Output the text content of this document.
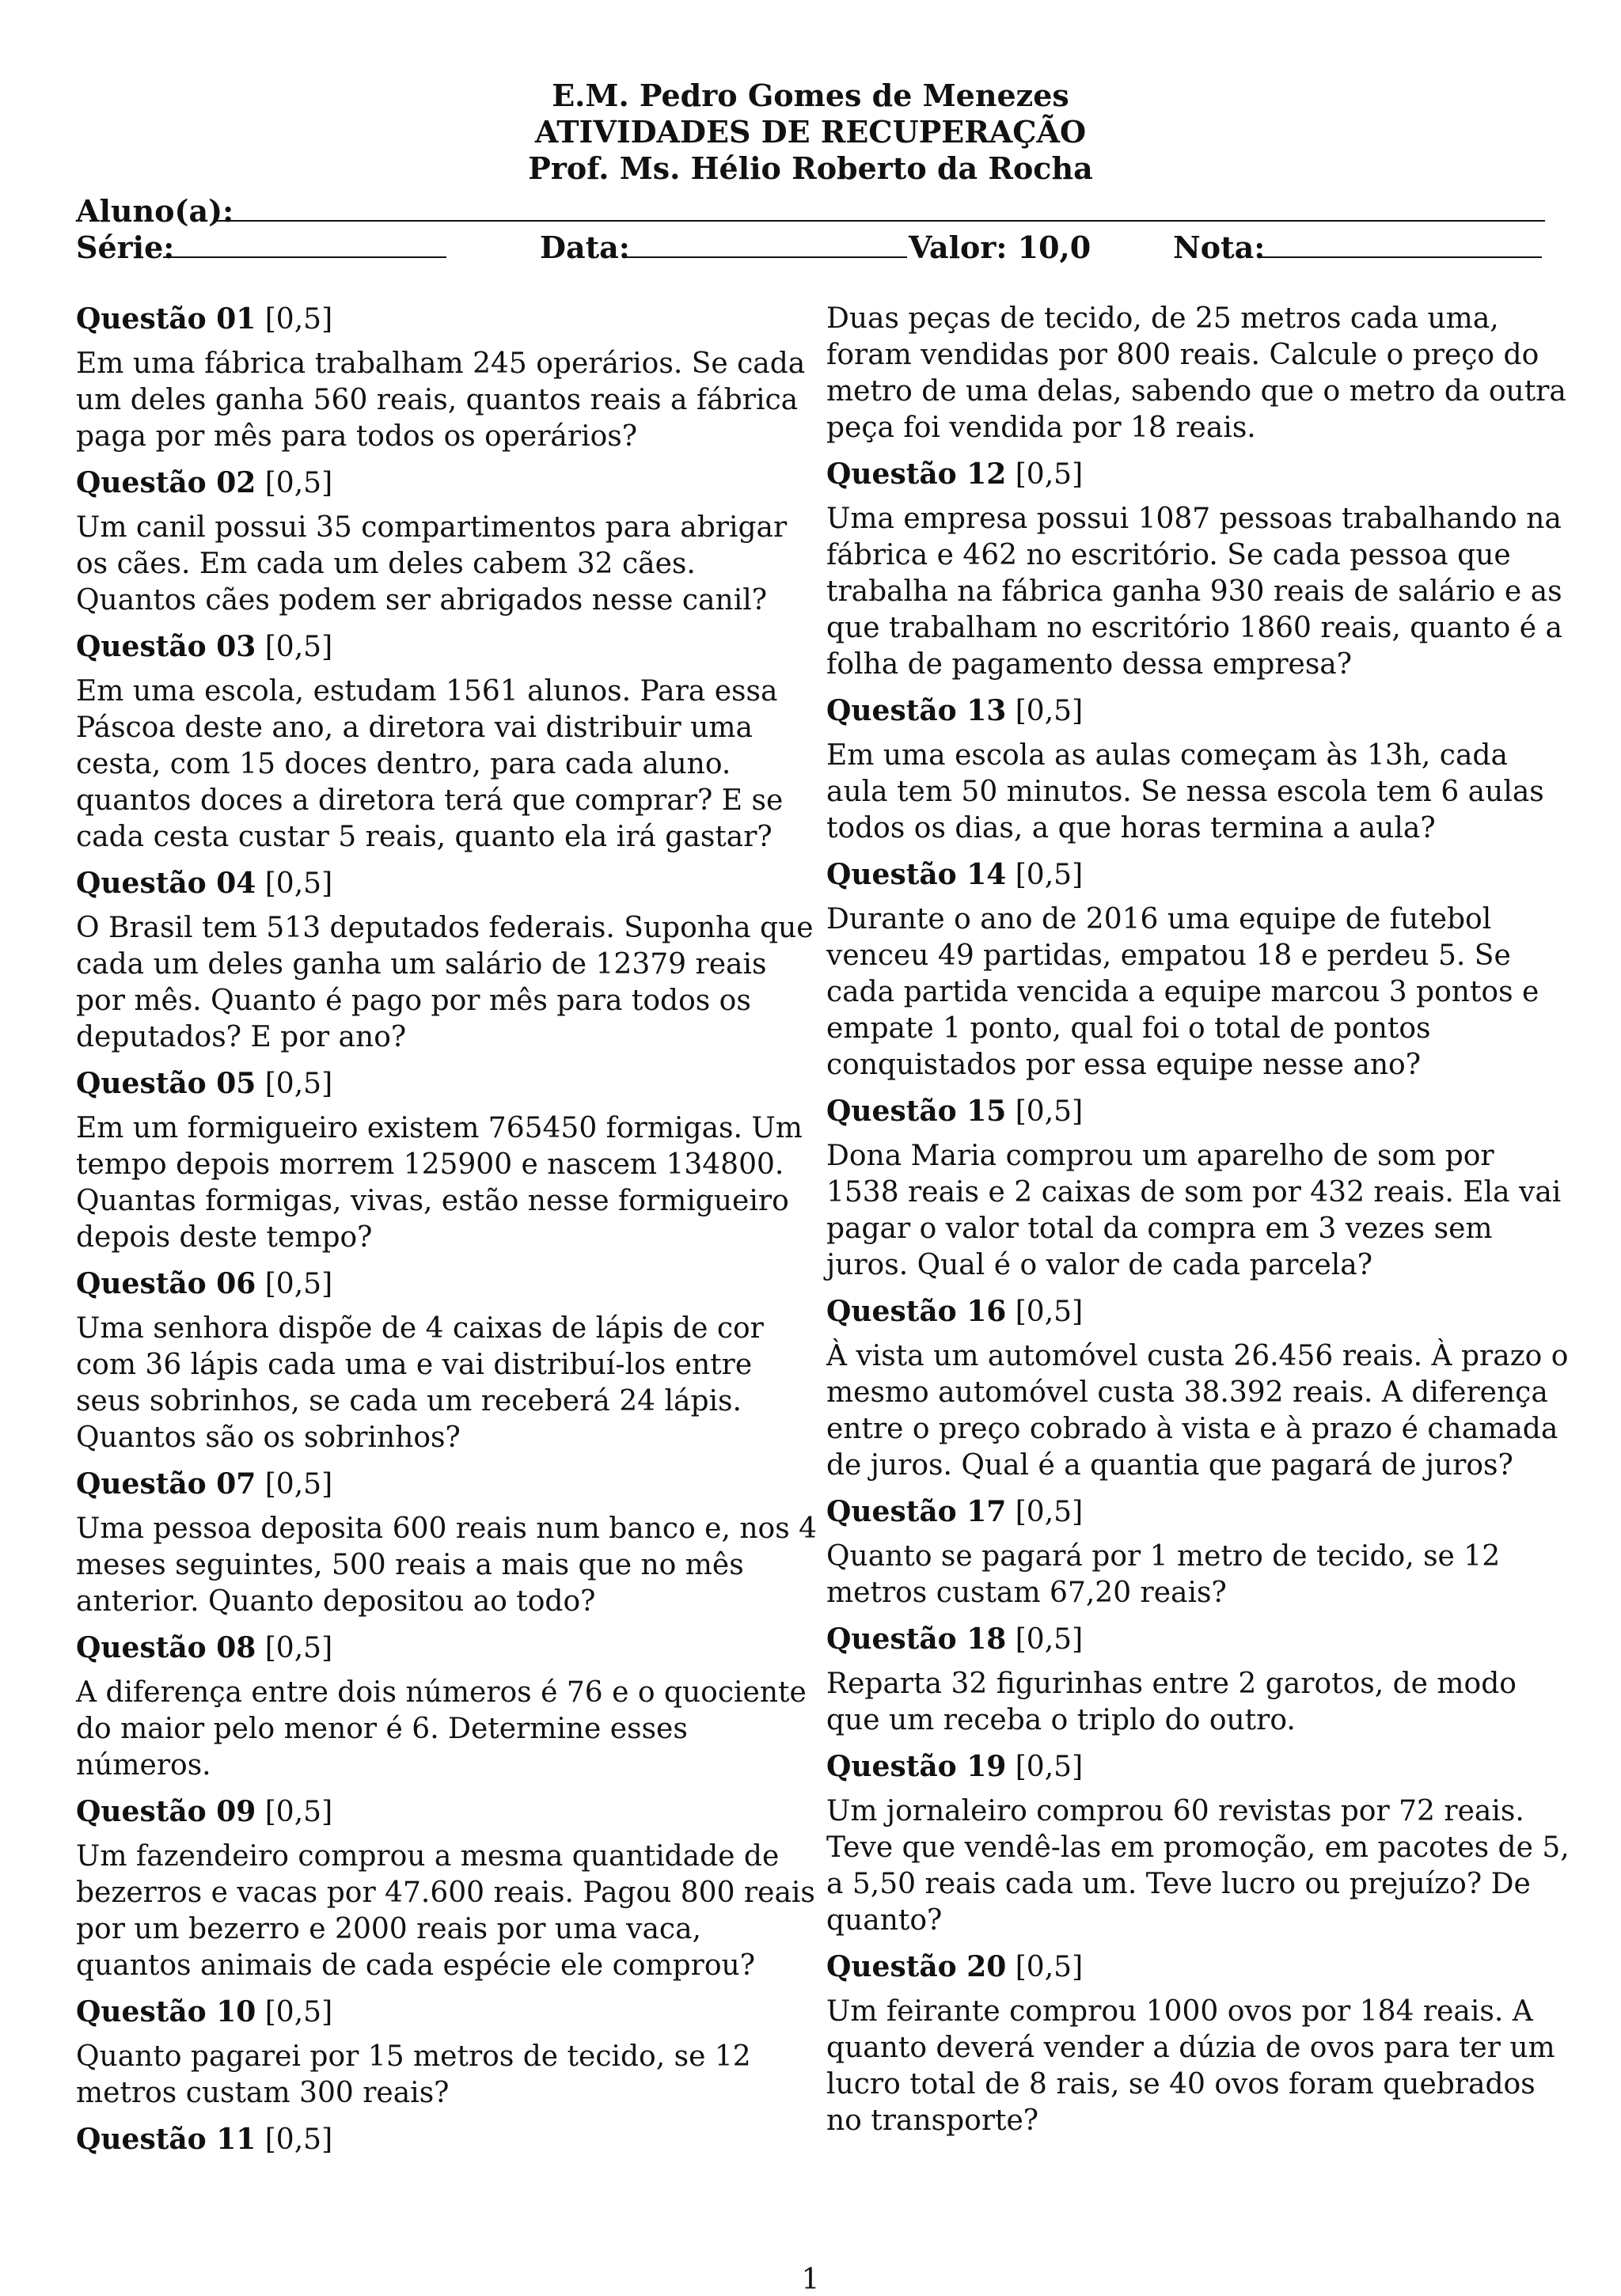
E.M. Pedro Gomes de Menezes
ATIVIDADES DE RECUPERAÇÃO
Prof. Ms. Hélio Roberto da Rocha
Aluno(a):
Série:	Data:	Valor: 10,0	Nota:
Questão 01 [0,5]
Em uma fábrica trabalham 245 operários. Se cada um deles ganha 560 reais, quantos reais a fábrica paga por mês para todos os operários?
Questão 02 [0,5]
Um canil possui 35 compartimentos para abrigar os cães. Em cada um deles cabem 32 cães. Quantos cães podem ser abrigados nesse canil?
Questão 03 [0,5]
Em uma escola, estudam 1561 alunos. Para essa Páscoa deste ano, a diretora vai distribuir uma cesta, com 15 doces dentro, para cada aluno. quantos doces a diretora terá que comprar? E se cada cesta custar 5 reais, quanto ela irá gastar?
Questão 04 [0,5]
O Brasil tem 513 deputados federais. Suponha que cada um deles ganha um salário de 12379 reais por mês. Quanto é pago por mês para todos os deputados? E por ano?
Questão 05 [0,5]
Em um formigueiro existem 765450 formigas. Um tempo depois morrem 125900 e nascem 134800. Quantas formigas, vivas, estão nesse formigueiro depois deste tempo?
Questão 06 [0,5]
Uma senhora dispõe de 4 caixas de lápis de cor com 36 lápis cada uma e vai distribuí-los entre seus sobrinhos, se cada um receberá 24 lápis. Quantos são os sobrinhos?
Questão 07 [0,5]
Uma pessoa deposita 600 reais num banco e, nos 4 meses seguintes, 500 reais a mais que no mês anterior. Quanto depositou ao todo?
Questão 08 [0,5]
A diferença entre dois números é 76 e o quociente do maior pelo menor é 6. Determine esses números.
Questão 09 [0,5]
Um fazendeiro comprou a mesma quantidade de bezerros e vacas por 47.600 reais. Pagou 800 reais por um bezerro e 2000 reais por uma vaca, quantos animais de cada espécie ele comprou?
Questão 10 [0,5]
Quanto pagarei por 15 metros de tecido, se 12 metros custam 300 reais?
Questão 11 [0,5]
Duas peças de tecido, de 25 metros cada uma, foram vendidas por 800 reais. Calcule o preço do metro de uma delas, sabendo que o metro da outra peça foi vendida por 18 reais.
Questão 12 [0,5]
Uma empresa possui 1087 pessoas trabalhando na fábrica e 462 no escritório. Se cada pessoa que trabalha na fábrica ganha 930 reais de salário e as que trabalham no escritório 1860 reais, quanto é a folha de pagamento dessa empresa?
Questão 13 [0,5]
Em uma escola as aulas começam às 13h, cada aula tem 50 minutos. Se nessa escola tem 6 aulas todos os dias, a que horas termina a aula?
Questão 14 [0,5]
Durante o ano de 2016 uma equipe de futebol venceu 49 partidas, empatou 18 e perdeu 5. Se cada partida vencida a equipe marcou 3 pontos e empate 1 ponto, qual foi o total de pontos conquistados por essa equipe nesse ano?
Questão 15 [0,5]
Dona Maria comprou um aparelho de som por 1538 reais e 2 caixas de som por 432 reais. Ela vai pagar o valor total da compra em 3 vezes sem juros. Qual é o valor de cada parcela?
Questão 16 [0,5]
À vista um automóvel custa 26.456 reais. À prazo o mesmo automóvel custa 38.392 reais. A diferença entre o preço cobrado à vista e à prazo é chamada de juros. Qual é a quantia que pagará de juros?
Questão 17 [0,5]
Quanto se pagará por 1 metro de tecido, se 12 metros custam 67,20 reais?
Questão 18 [0,5]
Reparta 32 figurinhas entre 2 garotos, de modo que um receba o triplo do outro.
Questão 19 [0,5]
Um jornaleiro comprou 60 revistas por 72 reais. Teve que vendê-las em promoção, em pacotes de 5, a 5,50 reais cada um. Teve lucro ou prejuízo? De quanto?
Questão 20 [0,5]
Um feirante comprou 1000 ovos por 184 reais. A quanto deverá vender a dúzia de ovos para ter um lucro total de 8 rais, se 40 ovos foram quebrados no transporte?
1
